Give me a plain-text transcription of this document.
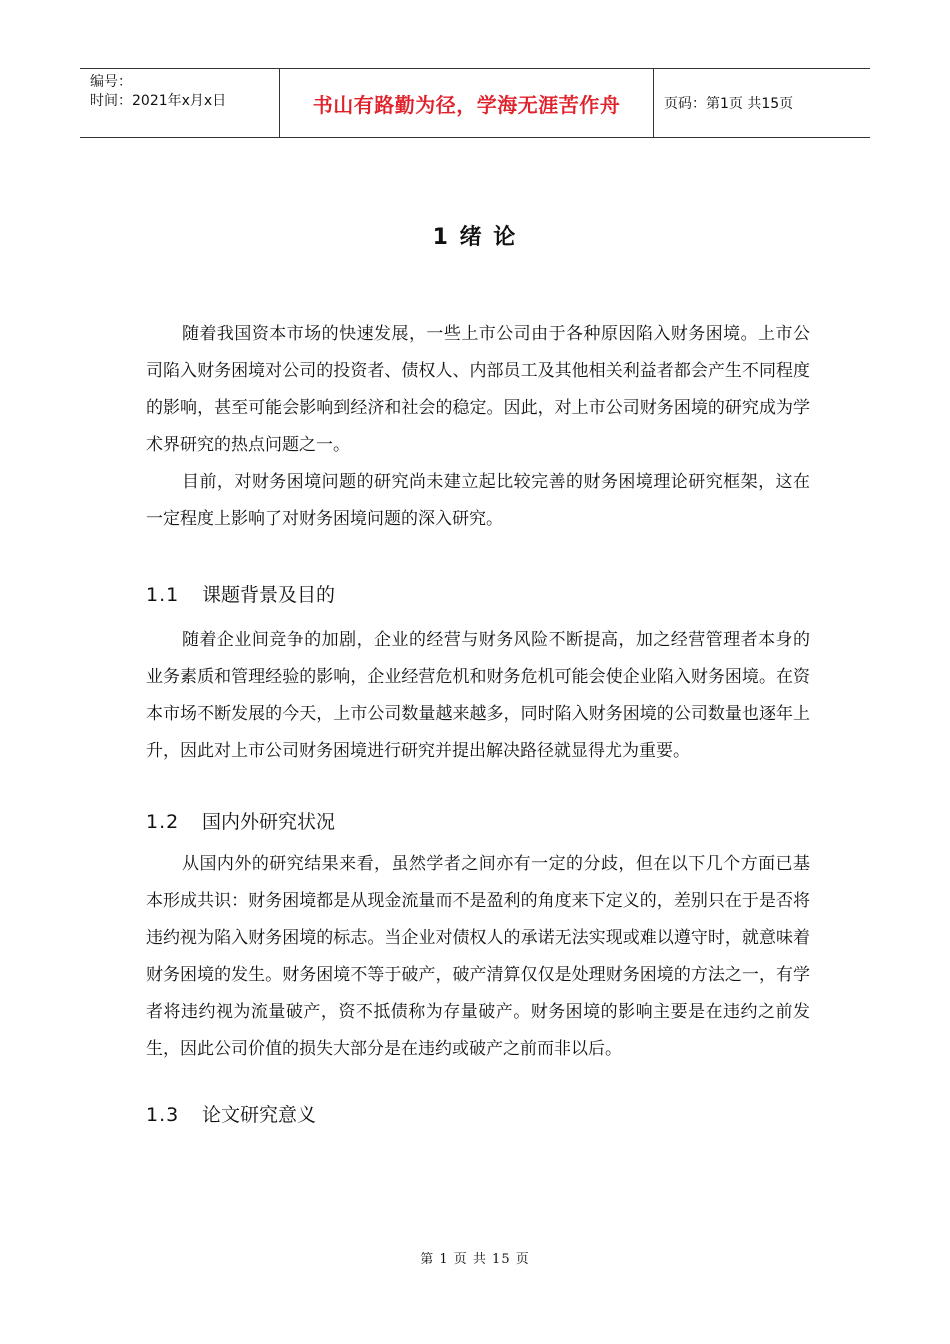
编号：
时间：2021年x月x日	书山有路勤为径，学海无涯苦作舟	页码：第1页 共15页
1 绪 论

随着我国资本市场的快速发展，一些上市公司由于各种原因陷入财务困境。上市公司陷入财务困境对公司的投资者、债权人、内部员工及其他相关利益者都会产生不同程度的影响，甚至可能会影响到经济和社会的稳定。因此，对上市公司财务困境的研究成为学术界研究的热点问题之一。

目前，对财务困境问题的研究尚未建立起比较完善的财务困境理论研究框架，这在一定程度上影响了对财务困境问题的深入研究。

1.1	课题背景及目的

随着企业间竞争的加剧，企业的经营与财务风险不断提高，加之经营管理者本身的业务素质和管理经验的影响，企业经营危机和财务危机可能会使企业陷入财务困境。在资本市场不断发展的今天，上市公司数量越来越多，同时陷入财务困境的公司数量也逐年上升，因此对上市公司财务困境进行研究并提出解决路径就显得尤为重要。

1.2	国内外研究状况

从国内外的研究结果来看，虽然学者之间亦有一定的分歧，但在以下几个方面已基本形成共识：财务困境都是从现金流量而不是盈利的角度来下定义的，差别只在于是否将违约视为陷入财务困境的标志。当企业对债权人的承诺无法实现或难以遵守时，就意味着财务困境的发生。财务困境不等于破产，破产清算仅仅是处理财务困境的方法之一，有学者将违约视为流量破产，资不抵债称为存量破产。财务困境的影响主要是在违约之前发生，因此公司价值的损失大部分是在违约或破产之前而非以后。

1.3	论文研究意义
第 1 页 共 15 页
